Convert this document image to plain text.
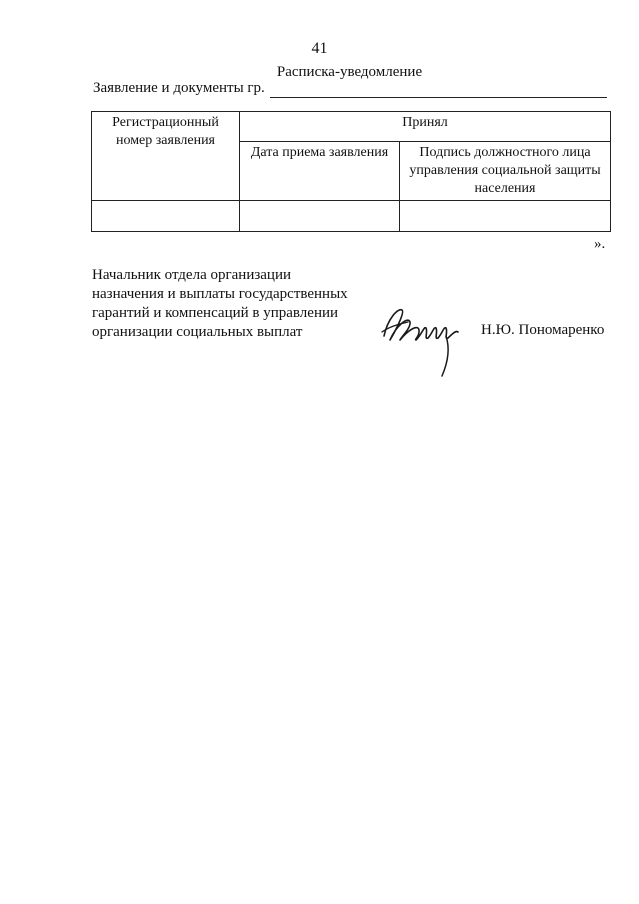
41
Расписка-уведомление
Заявление и документы гр.
Регистрационный номер заявления	Принял	
	Дата приема заявления	Подпись должностного лица управления социальной защиты населения

».
Начальник отдела организации
назначения и выплаты государственных
гарантий и компенсаций в управлении
организации социальных выплат	Н.Ю. Пономаренко
